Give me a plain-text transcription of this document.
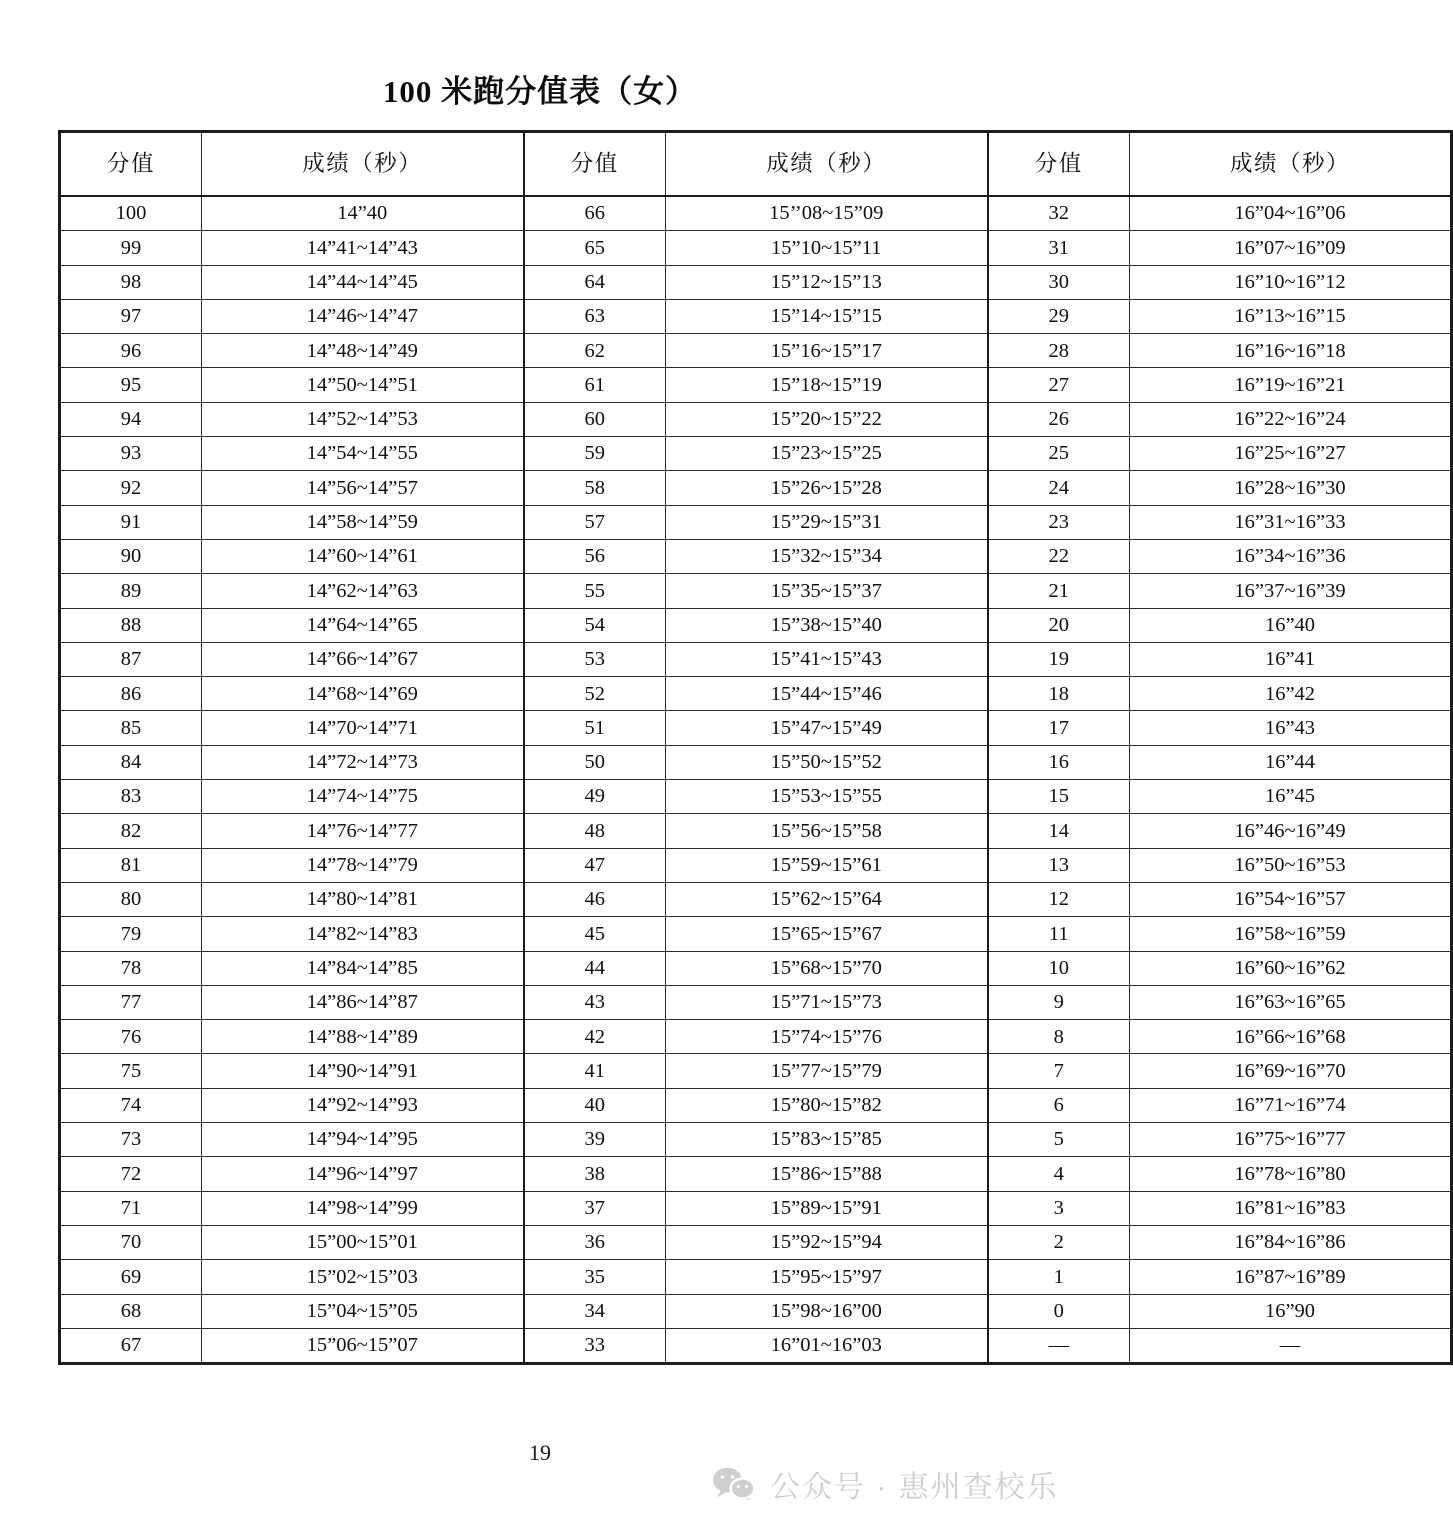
100 米跑分值表（女）
分值	成绩（秒）	分值	成绩（秒）	分值	成绩（秒）
100	14”40	66	15’’08~15”09	32	16”04~16”06
99	14”41~14”43	65	15”10~15”11	31	16”07~16”09
98	14”44~14”45	64	15”12~15”13	30	16”10~16”12
97	14”46~14”47	63	15”14~15”15	29	16”13~16”15
96	14”48~14”49	62	15”16~15”17	28	16”16~16”18
95	14”50~14”51	61	15”18~15”19	27	16”19~16”21
94	14”52~14”53	60	15”20~15”22	26	16”22~16”24
93	14”54~14”55	59	15”23~15”25	25	16”25~16”27
92	14”56~14”57	58	15”26~15”28	24	16”28~16”30
91	14”58~14”59	57	15”29~15”31	23	16”31~16”33
90	14”60~14”61	56	15”32~15”34	22	16”34~16”36
89	14”62~14”63	55	15”35~15”37	21	16”37~16”39
88	14”64~14”65	54	15”38~15”40	20	16”40
87	14”66~14”67	53	15”41~15”43	19	16”41
86	14”68~14”69	52	15”44~15”46	18	16”42
85	14”70~14”71	51	15”47~15”49	17	16”43
84	14”72~14”73	50	15”50~15”52	16	16”44
83	14”74~14”75	49	15”53~15”55	15	16”45
82	14”76~14”77	48	15”56~15”58	14	16”46~16”49
81	14”78~14”79	47	15”59~15”61	13	16”50~16”53
80	14”80~14”81	46	15”62~15”64	12	16”54~16”57
79	14”82~14”83	45	15”65~15”67	11	16”58~16”59
78	14”84~14”85	44	15”68~15”70	10	16”60~16”62
77	14”86~14”87	43	15”71~15”73	9	16”63~16”65
76	14”88~14”89	42	15”74~15”76	8	16”66~16”68
75	14”90~14”91	41	15”77~15”79	7	16”69~16”70
74	14”92~14”93	40	15”80~15”82	6	16”71~16”74
73	14”94~14”95	39	15”83~15”85	5	16”75~16”77
72	14”96~14”97	38	15”86~15”88	4	16”78~16”80
71	14”98~14”99	37	15”89~15”91	3	16”81~16”83
70	15”00~15”01	36	15”92~15”94	2	16”84~16”86
69	15”02~15”03	35	15”95~15”97	1	16”87~16”89
68	15”04~15”05	34	15”98~16”00	0	16”90
67	15”06~15”07	33	16”01~16”03	—	—
19
公众号 · 惠州查校乐
